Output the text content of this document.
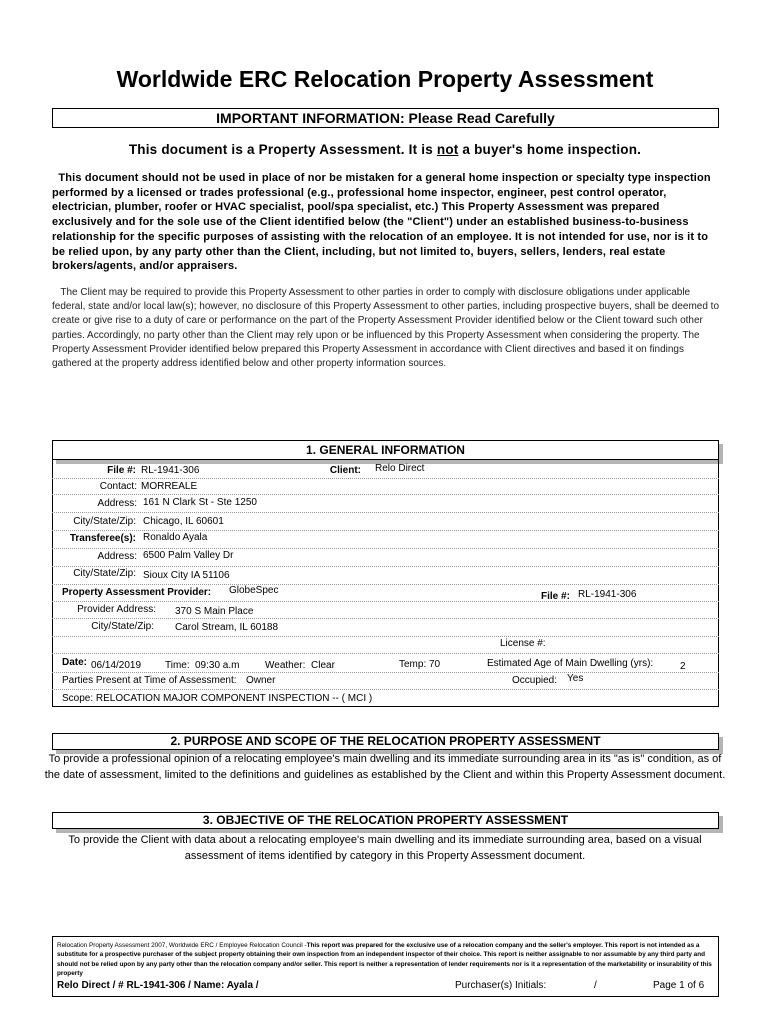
Worldwide ERC Relocation Property Assessment
IMPORTANT INFORMATION: Please Read Carefully
This document is a Property Assessment. It is not a buyer's home inspection.
This document should not be used in place of nor be mistaken for a general home inspection or specialty type inspection performed by a licensed or trades professional (e.g., professional home inspector, engineer, pest control operator, electrician, plumber, roofer or HVAC specialist, pool/spa specialist, etc.) This Property Assessment was prepared exclusively and for the sole use of the Client identified below (the "Client") under an established business-to-business relationship for the specific purposes of assisting with the relocation of an employee. It is not intended for use, nor is it to be relied upon, by any party other than the Client, including, but not limited to, buyers, sellers, lenders, real estate brokers/agents, and/or appraisers.
The Client may be required to provide this Property Assessment to other parties in order to comply with disclosure obligations under applicable federal, state and/or local law(s); however, no disclosure of this Property Assessment to other parties, including prospective buyers, shall be deemed to create or give rise to a duty of care or performance on the part of the Property Assessment Provider identified below or the Client toward such other parties. Accordingly, no party other than the Client may rely upon or be influenced by this Property Assessment when considering the property. The Property Assessment Provider identified below prepared this Property Assessment in accordance with Client directives and based it on findings gathered at the property address identified below and other property information sources.
1. GENERAL INFORMATION
File #: RL-1941-306	Client: Relo Direct
Contact: MORREALE
Address: 161 N Clark St - Ste 1250
City/State/Zip: Chicago, IL 60601
Transferee(s): Ronaldo Ayala
Address: 6500 Palm Valley Dr
City/State/Zip: Sioux City IA 51106
Property Assessment Provider: GlobeSpec
File #: RL-1941-306
Provider Address: 370 S Main Place
City/State/Zip: Carol Stream, IL 60188
License #:
Date: 06/14/2019 Time: 09:30 a.m	Weather: Clear	Temp: 70	Estimated Age of Main Dwelling (yrs):	2
Parties Present at Time of Assessment: Owner	Occupied: Yes
Scope: RELOCATION MAJOR COMPONENT INSPECTION -- ( MCI )
2. PURPOSE AND SCOPE OF THE RELOCATION PROPERTY ASSESSMENT
To provide a professional opinion of a relocating employee's main dwelling and its immediate surrounding area in its "as is" condition, as of the date of assessment, limited to the definitions and guidelines as established by the Client and within this Property Assessment document.
3. OBJECTIVE OF THE RELOCATION PROPERTY ASSESSMENT
To provide the Client with data about a relocating employee's main dwelling and its immediate surrounding area, based on a visual assessment of items identified by category in this Property Assessment document.
Relocation Property Assessment 2007, Worldwide ERC / Employee Relocation Council -This report was prepared for the exclusive use of a relocation company and the seller's employer. This report is not intended as a substitute for a prospective purchaser of the subject property obtaining their own inspection from an independent inspector of their choice. This report is neither assignable to nor assumable by any third party and should not be relied upon by any party other than the relocation company and/or seller. This report is neither a representation of lender requirements nor is it a representation of the marketability or insurability of this property
Relo Direct / # RL-1941-306 / Name: Ayala /	Purchaser(s) Initials:	/	Page 1 of 6
